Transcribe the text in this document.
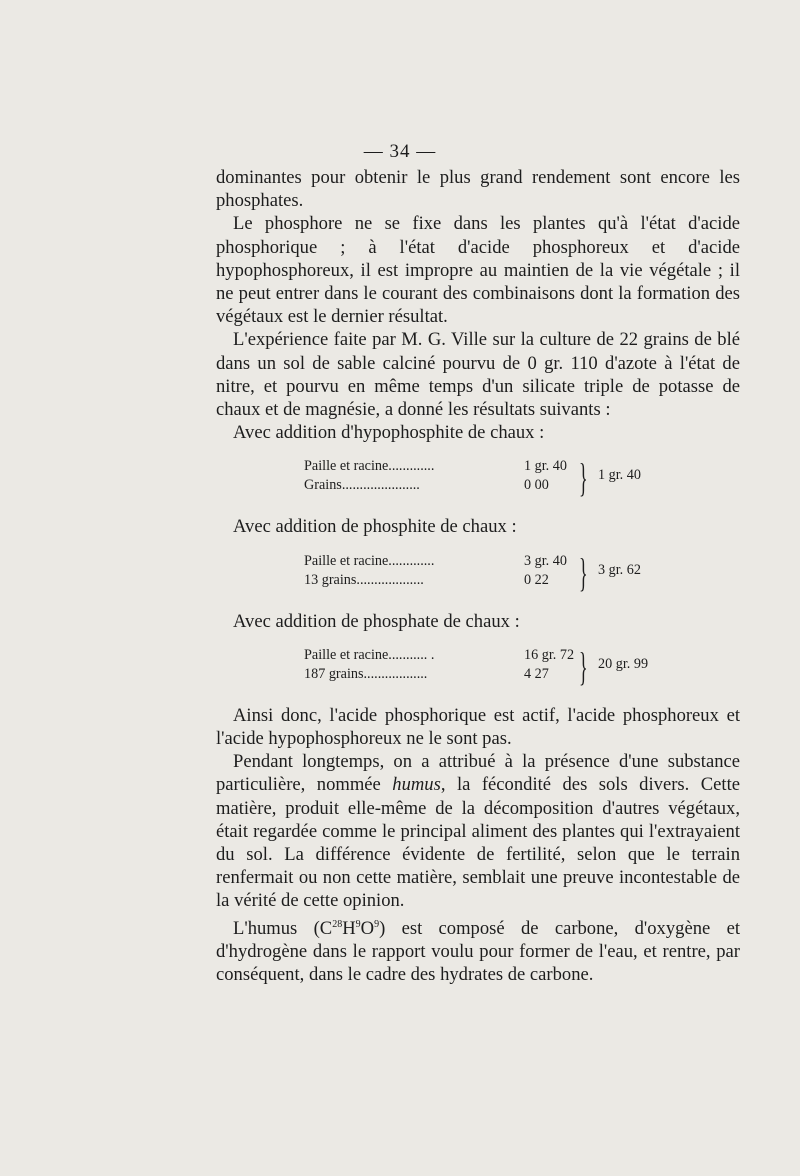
— 34 —

dominantes pour obtenir le plus grand rendement sont encore les phosphates.

Le phosphore ne se fixe dans les plantes qu'à l'état d'acide phosphorique ; à l'état d'acide phosphoreux et d'acide hypophosphoreux, il est impropre au maintien de la vie végétale ; il ne peut entrer dans le courant des combinaisons dont la formation des végétaux est le dernier résultat.

L'expérience faite par M. G. Ville sur la culture de 22 grains de blé dans un sol de sable calciné pourvu de 0 gr. 110 d'azote à l'état de nitre, et pourvu en même temps d'un silicate triple de potasse de chaux et de magnésie, a donné les résultats suivants :

Avec addition d'hypophosphite de chaux :

Paille et racine.............	1 gr. 40
Grains......................	0 00 } 1 gr. 40

Avec addition de phosphite de chaux :

Paille et racine.............	3 gr. 40
13 grains...................	0 22 } 3 gr. 62

Avec addition de phosphate de chaux :

Paille et racine........... .	16 gr. 72
187 grains..................	4 27 } 20 gr. 99

Ainsi donc, l'acide phosphorique est actif, l'acide phosphoreux et l'acide hypophosphoreux ne le sont pas.

Pendant longtemps, on a attribué à la présence d'une substance particulière, nommée humus, la fécondité des sols divers. Cette matière, produit elle-même de la décomposition d'autres végétaux, était regardée comme le principal aliment des plantes qui l'extrayaient du sol. La différence évidente de fertilité, selon que le terrain renfermait ou non cette matière, semblait une preuve incontestable de la vérité de cette opinion.

L'humus $(C^{28}H^9O^9)$ est composé de carbone, d'oxygène et d'hydrogène dans le rapport voulu pour former de l'eau, et rentre, par conséquent, dans le cadre des hydrates de carbone.
